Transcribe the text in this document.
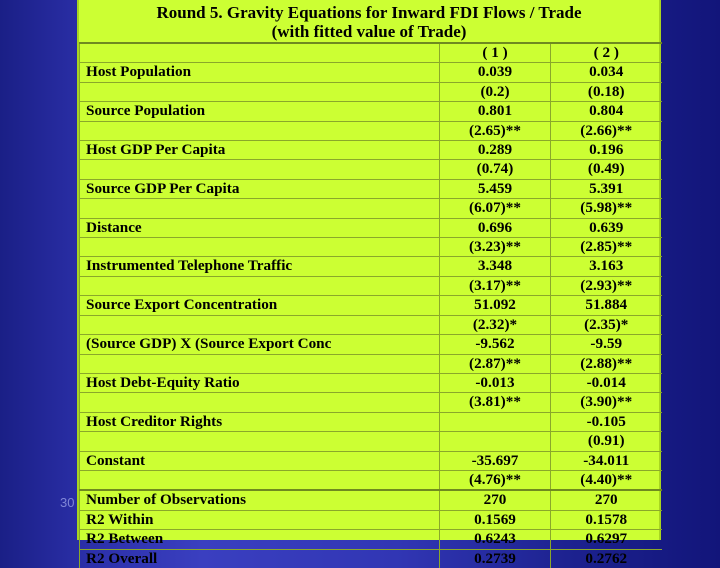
30
Round 5. Gravity Equations for Inward FDI Flows / Trade
(with fitted value of Trade)
	( 1 )	( 2 )
Host Population	0.039	0.034
	(0.2)	(0.18)
Source Population	0.801	0.804
	(2.65)**	(2.66)**
Host GDP Per Capita	0.289	0.196
	(0.74)	(0.49)
Source GDP Per Capita	5.459	5.391
	(6.07)**	(5.98)**
Distance	0.696	0.639
	(3.23)**	(2.85)**
Instrumented Telephone Traffic	3.348	3.163
	(3.17)**	(2.93)**
Source Export Concentration	51.092	51.884
	(2.32)*	(2.35)*
(Source GDP) X (Source Export Conc	-9.562	-9.59
	(2.87)**	(2.88)**
Host Debt-Equity Ratio	-0.013	-0.014
	(3.81)**	(3.90)**
Host Creditor Rights		-0.105
		(0.91)
Constant	-35.697	-34.011
	(4.76)**	(4.40)**
Number of Observations	270	270
R2 Within	0.1569	0.1578
R2 Between	0.6243	0.6297
R2 Overall	0.2739	0.2762
